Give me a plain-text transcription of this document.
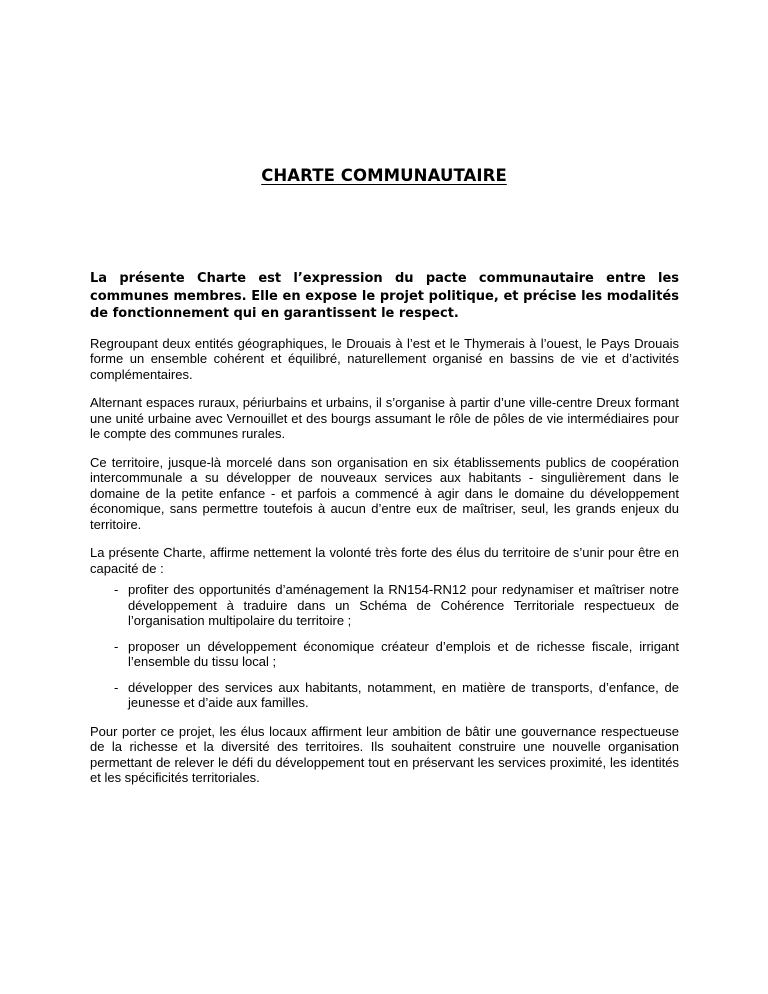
CHARTE COMMUNAUTAIRE

La présente Charte est l’expression du pacte communautaire entre les communes membres. Elle en expose le projet politique, et précise les modalités de fonctionnement qui en garantissent le respect.

Regroupant deux entités géographiques, le Drouais à l’est et le Thymerais à l’ouest, le Pays Drouais forme un ensemble cohérent et équilibré, naturellement organisé en bassins de vie et d’activités complémentaires.

Alternant espaces ruraux, périurbains et urbains, il s’organise à partir d’une ville-centre Dreux formant une unité urbaine avec Vernouillet et des bourgs assumant le rôle de pôles de vie intermédiaires pour le compte des communes rurales.

Ce territoire, jusque-là morcelé dans son organisation en six établissements publics de coopération intercommunale a su développer de nouveaux services aux habitants - singulièrement dans le domaine de la petite enfance - et parfois a commencé à agir dans le domaine du développement économique, sans permettre toutefois à aucun d’entre eux de maîtriser, seul, les grands enjeux du territoire.

La présente Charte, affirme nettement la volonté très forte des élus du territoire de s’unir pour être en capacité de :

- profiter des opportunités d’aménagement la RN154-RN12 pour redynamiser et maîtriser notre développement à traduire dans un Schéma de Cohérence Territoriale respectueux de l’organisation multipolaire du territoire ;
- proposer un développement économique créateur d’emplois et de richesse fiscale, irrigant l’ensemble du tissu local ;
- développer des services aux habitants, notamment, en matière de transports, d’enfance, de jeunesse et d’aide aux familles.

Pour porter ce projet, les élus locaux affirment leur ambition de bâtir une gouvernance respectueuse de la richesse et la diversité des territoires. Ils souhaitent construire une nouvelle organisation permettant de relever le défi du développement tout en préservant les services proximité, les identités et les spécificités territoriales.
